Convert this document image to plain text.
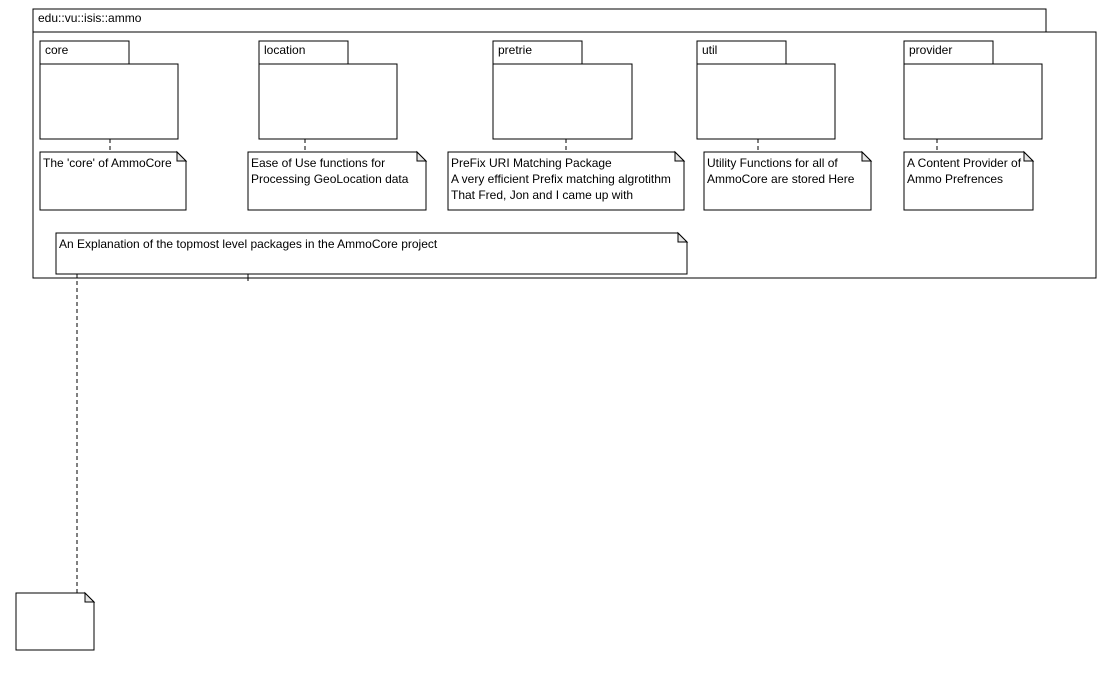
edu::vu::isis::ammo
core	location	pretrie	util	provider
The 'core' of AmmoCore	Ease of Use functions for
Processing GeoLocation data
PreFix URI Matching Package
A very efficient Prefix matching algrotithm
That Fred, Jon and I came up with
Utility Functions for all of
AmmoCore are stored Here
A Content Provider of
Ammo Prefrences
An Explanation of the topmost level packages in the AmmoCore project
